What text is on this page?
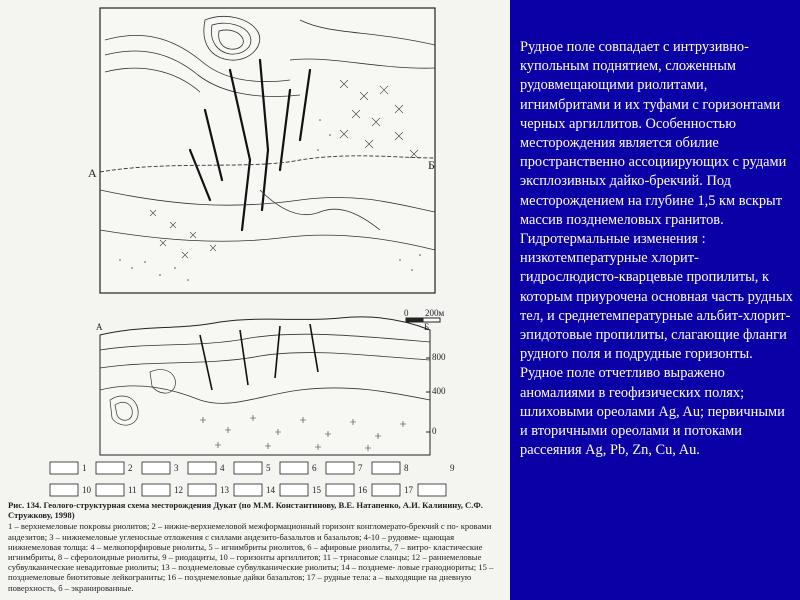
А
Б
А	Б
0 200м
800
400
0
1	2	3	4	5	6	7	8	9
10	11	12	13	14	15	16	17
Рис. 134. Геолого-структурная схема месторождения Дукат (по М.М. Константинову, В.Е. Натапенко, А.И. Калинину, С.Ф. Стружкову, 1998)
1 – верхнемеловые покровы риолитов; 2 – нижне-верхнемеловой межформационный горизонт конгломерато-брекчий с по- кровами андезитов; 3 – нижнемеловые угленосные отложения с силлами андезито-базальтов и базальтов; 4-10 – рудовме- щающая нижнемеловая толща: 4 – мелкопорфировые риолиты, 5 – игнимбриты риолитов, 6 – афировые риолиты, 7 – витро- кластические игнимбриты, 8 – сферолоидные риолиты, 9 – риодациты, 10 – горизонты аргиллитов; 11 – триасовые сланцы; 12 – раннемеловые субвулканические невадитовые риолиты; 13 – позднемеловые субвулканические риолиты; 14 – позднеме- ловые гранодиориты; 15 – позднемеловые биотитовые лейкограниты; 16 – позднемеловые дайки базальтов; 17 – рудные тела: а – выходящие на дневную поверхность, б – экранированные.

Рудное поле совпадает с интрузивно-купольным поднятием, сложенным рудовмещающими риолитами, игнимбритами и их туфами с горизонтами черных аргиллитов. Особенностью месторождения является обилие пространственно ассоциирующих с рудами эксплозивных дайко-брекчий. Под месторождением на глубине 1,5 км вскрыт массив позднемеловых гранитов. Гидротермальные изменения : низкотемпературные хлорит-гидрослюдисто-кварцевые пропилиты, к которым приурочена основная часть рудных тел, и среднетемпературные альбит-хлорит-эпидотовые пропилиты, слагающие фланги рудного поля и подрудные горизонты. Рудное поле отчетливо выражено аномалиями в геофизических полях; шлиховыми ореолами Ag, Au; первичными и вторичными ореолами и потоками рассеяния Ag, Pb, Zn, Cu, Au.
